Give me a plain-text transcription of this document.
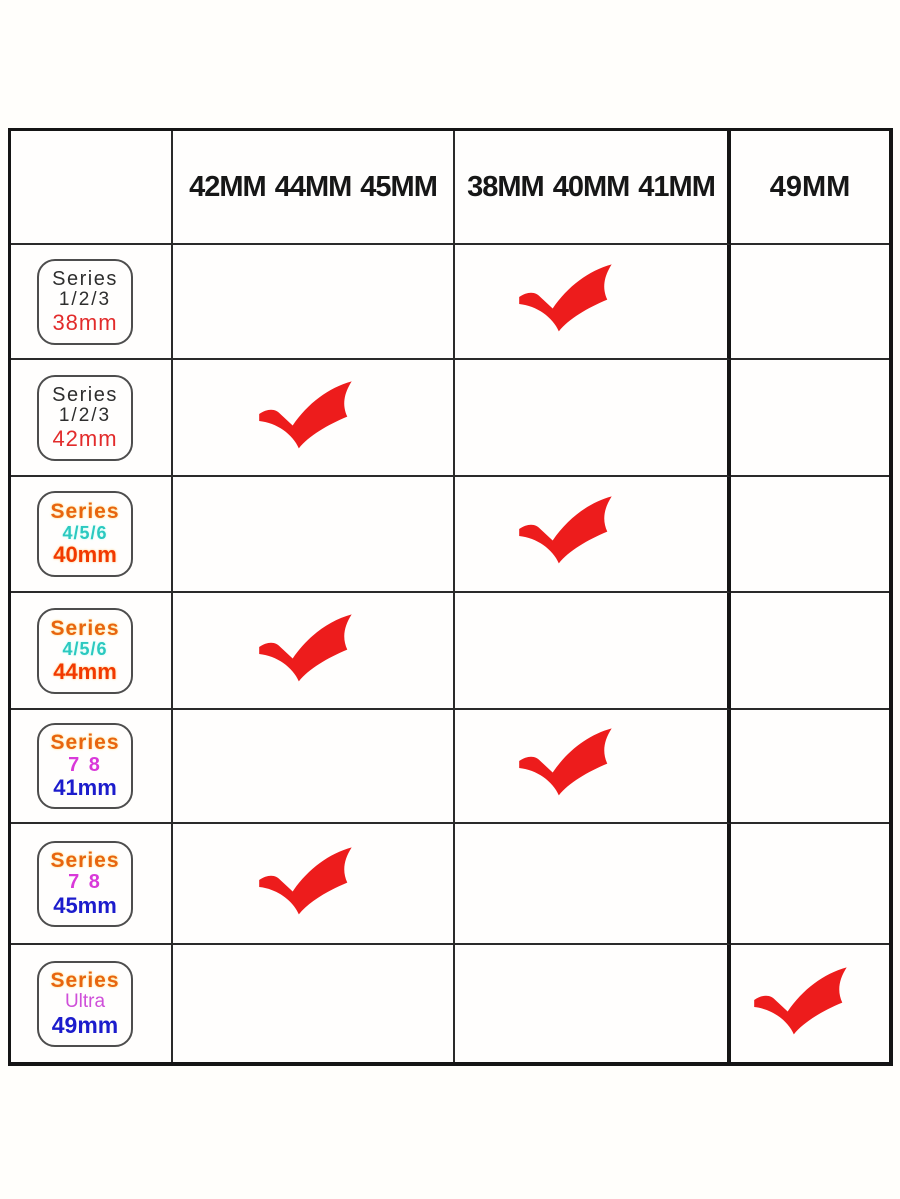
42MM 44MM 45MM 38MM 40MM 41MM 49MM
Series
1/2/3
38mm
Series
1/2/3
42mm
Series
4/5/6
40mm
Series
4/5/6
44mm
Series
7 8
41mm
Series
7 8
45mm
Series
Ultra
49mm
